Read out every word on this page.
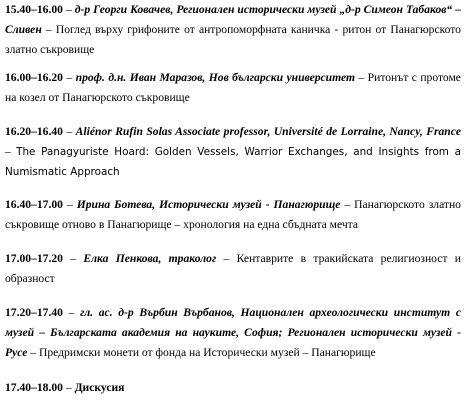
15.40–16.00 – д-р Георги Ковачев, Регионален исторически музей „д-р Симеон Табаков“ – Сливен – Поглед върху грифоните от антропоморфната каничка - ритон от Панагюрското златно съкровище

16.00–16.20 – проф. д.н. Иван Маразов, Нов български университет – Ритонът с протоме на козел от Панагюрското съкровище

16.20–16.40 – Aliénor Rufin Solas Associate professor, Université de Lorraine, Nancy, France – The Panagyuriste Hoard: Golden Vessels, Warrior Exchanges, and Insights from a Numismatic Approach

16.40–17.00 – Ирина Ботева, Исторически музей - Панагюрище – Панагюрското златно съкровище отново в Панагюрище – хронология на една сбъдната мечта

17.00–17.20 – Елка Пенкова, траколог – Кентаврите в тракийската религиозност и образност

17.20–17.40 – гл. ас. д-р Върбин Върбанов, Национален археологически институт с музей – Българската академия на науките, София; Регионален исторически музей - Русе – Предримски монети от фонда на Исторически музей – Панагюрище

17.40–18.00 – Дискусия
